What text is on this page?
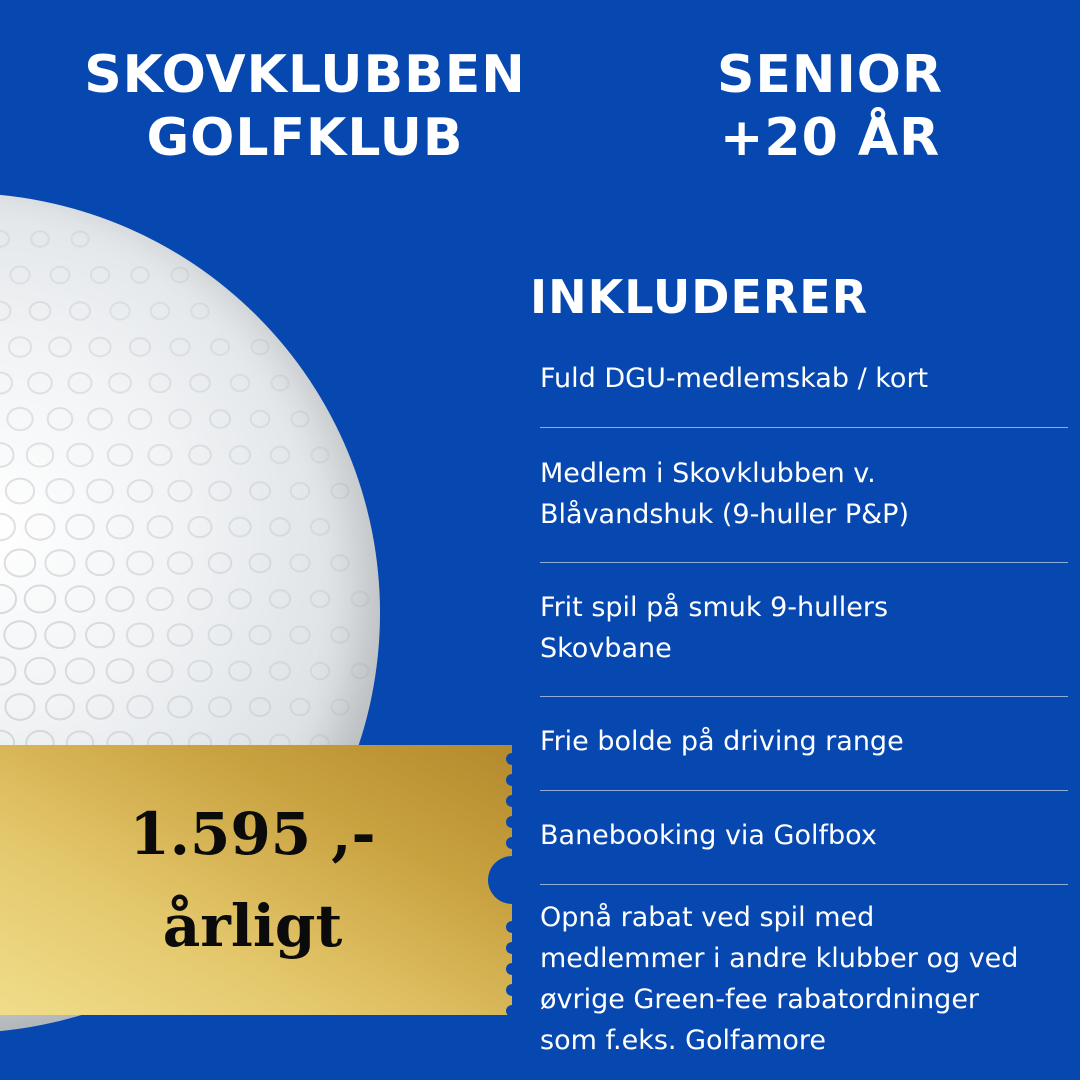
SKOVKLUBBEN
GOLFKLUB
SENIOR
+20 ÅR
INKLUDERER
Fuld DGU-medlemskab / kort
Medlem i Skovklubben v.
Blåvandshuk (9-huller P&P)
Frit spil på smuk 9-hullers
Skovbane
Frie bolde på driving range
Banebooking via Golfbox
Opnå rabat ved spil med
medlemmer i andre klubber og ved
øvrige Green-fee rabatordninger
som f.eks. Golfamore
1.595 ,-
årligt
